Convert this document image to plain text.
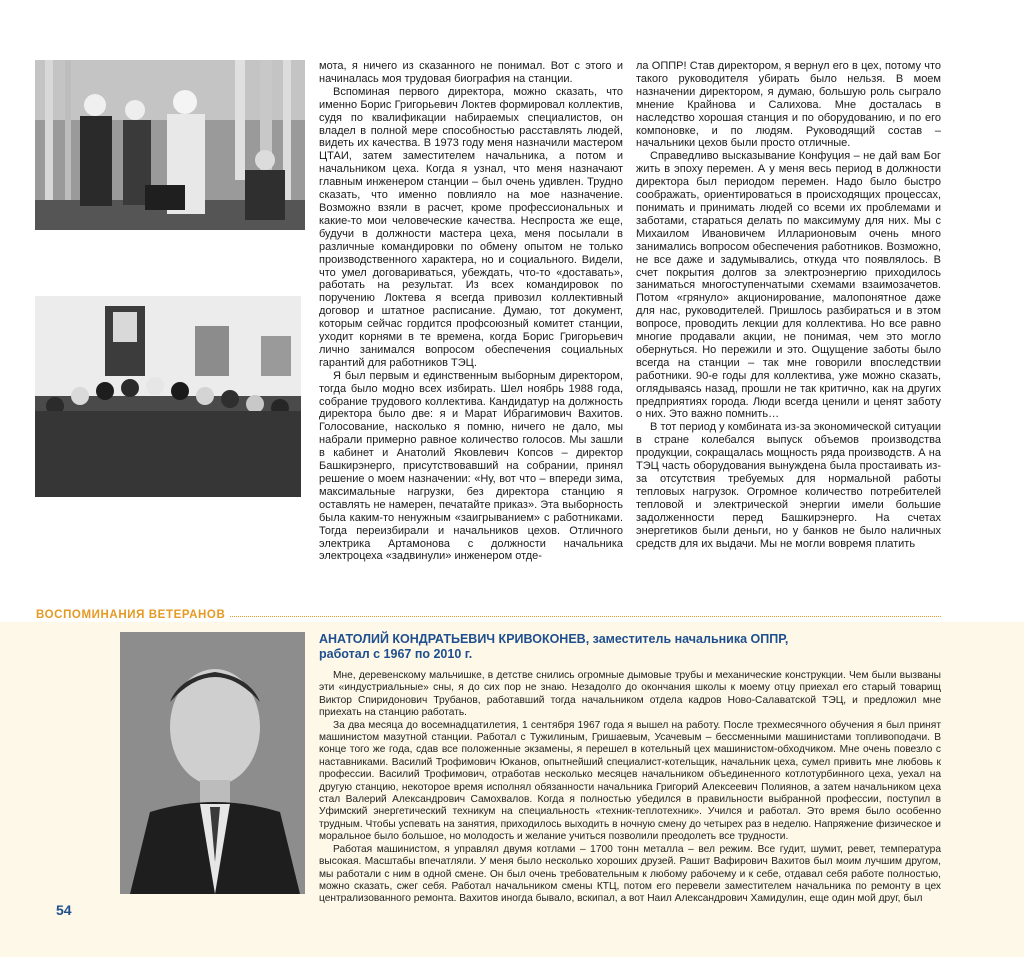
мота, я ничего из сказанного не понимал. Вот с этого и начиналась моя трудовая биография на станции.

Вспоминая первого директора, можно сказать, что именно Борис Григорьевич Локтев формировал коллектив, судя по квалификации набираемых специалистов, он владел в полной мере способностью расставлять людей, видеть их качества. В 1973 году меня назначили мастером ЦТАИ, затем заместителем начальника, а потом и начальником цеха. Когда я узнал, что меня назначают главным инженером станции – был очень удивлен. Трудно сказать, что именно повлияло на мое назначение. Возможно взяли в расчет, кроме профессиональных и какие-то мои человеческие качества. Неспроста же еще, будучи в должности мастера цеха, меня посылали в различные командировки по обмену опытом не только производственного характера, но и социального. Видели, что умел договариваться, убеждать, что-то «доставать», работать на результат. Из всех командировок по поручению Локтева я всегда привозил коллективный договор и штатное расписание. Думаю, тот документ, которым сейчас гордится профсоюзный комитет станции, уходит корнями в те времена, когда Борис Григорьевич лично занимался вопросом обеспечения социальных гарантий для работников ТЭЦ.

Я был первым и единственным выборным директором, тогда было модно всех избирать. Шел ноябрь 1988 года, собрание трудового коллектива. Кандидатур на должность директора было две: я и Марат Ибрагимович Вахитов. Голосование, насколько я помню, ничего не дало, мы набрали примерно равное количество голосов. Мы зашли в кабинет и Анатолий Яковлевич Копсов – директор Башкирэнерго, присутствовавший на собрании, принял решение о моем назначении: «Ну, вот что – впереди зима, максимальные нагрузки, без директора станцию я оставлять не намерен, печатайте приказ». Эта выборность была каким-то ненужным «заигрыванием» с работниками. Тогда переизбирали и начальников цехов. Отличного электрика Артамонова с должности начальника электроцеха «задвинули» инженером отде-

ла ОППР! Став директором, я вернул его в цех, потому что такого руководителя убирать было нельзя. В моем назначении директором, я думаю, большую роль сыграло мнение Крайнова и Салихова. Мне досталась в наследство хорошая станция и по оборудованию, и по его компоновке, и по людям. Руководящий состав – начальники цехов были просто отличные.

Справедливо высказывание Конфуция – не дай вам Бог жить в эпоху перемен. А у меня весь период в должности директора был периодом перемен. Надо было быстро соображать, ориентироваться в происходящих процессах, понимать и принимать людей со всеми их проблемами и заботами, стараться делать по максимуму для них. Мы с Михаилом Ивановичем Илларионовым очень много занимались вопросом обеспечения работников. Возможно, не все даже и задумывались, откуда что появлялось. В счет покрытия долгов за электроэнергию приходилось заниматься многоступенчатыми схемами взаимозачетов. Потом «грянуло» акционирование, малопонятное даже для нас, руководителей. Пришлось разбираться и в этом вопросе, проводить лекции для коллектива. Но все равно многие продавали акции, не понимая, чем это могло обернуться. Но пережили и это. Ощущение заботы было всегда на станции – так мне говорили впоследствии работники. 90-е годы для коллектива, уже можно сказать, оглядываясь назад, прошли не так критично, как на других предприятиях города. Люди всегда ценили и ценят заботу о них. Это важно помнить…

В тот период у комбината из-за экономической ситуации в стране колебался выпуск объемов производства продукции, сокращалась мощность ряда производств. А на ТЭЦ часть оборудования вынуждена была простаивать из-за отсутствия требуемых для нормальной работы тепловых нагрузок. Огромное количество потребителей тепловой и электрической энергии имели большие задолженности перед Башкирэнерго. На счетах энергетиков были деньги, но у банков не было наличных средств для их выдачи. Мы не могли вовремя платить

ВОСПОМИНАНИЯ ВЕТЕРАНОВ
АНАТОЛИЙ КОНДРАТЬЕВИЧ КРИВОКОНЕВ, заместитель начальника ОППР,
работал с 1967 по 2010 г.

Мне, деревенскому мальчишке, в детстве снились огромные дымовые трубы и механические конструкции. Чем были вызваны эти «индустриальные» сны, я до сих пор не знаю. Незадолго до окончания школы к моему отцу приехал его старый товарищ Виктор Спиридонович Трубанов, работавший тогда начальником отдела кадров Ново-Салаватской ТЭЦ, и предложил мне приехать на станцию работать.

За два месяца до восемнадцатилетия, 1 сентября 1967 года я вышел на работу. После трехмесячного обучения я был принят машинистом мазутной станции. Работал с Тужилиным, Гришаевым, Усачевым – бессменными машинистами топливоподачи. В конце того же года, сдав все положенные экзамены, я перешел в котельный цех машинистом-обходчиком. Мне очень повезло с наставниками. Василий Трофимович Юканов, опытнейший специалист-котельщик, начальник цеха, сумел привить мне любовь к профессии. Василий Трофимович, отработав несколько месяцев начальником объединенного котлотурбинного цеха, уехал на другую станцию, некоторое время исполнял обязанности начальника Григорий Алексеевич Полиянов, а затем начальником цеха стал Валерий Александрович Самохвалов. Когда я полностью убедился в правильности выбранной профессии, поступил в Уфимский энергетический техникум на специальность «техник-теплотехник». Учился и работал. Это время было особенно трудным. Чтобы успевать на занятия, приходилось выходить в ночную смену до четырех раз в неделю. Напряжение физическое и моральное было большое, но молодость и желание учиться позволили преодолеть все трудности.

Работая машинистом, я управлял двумя котлами – 1700 тонн металла – вел режим. Все гудит, шумит, ревет, температура высокая. Масштабы впечатляли. У меня было несколько хороших друзей. Рашит Вафирович Вахитов был моим лучшим другом, мы работали с ним в одной смене. Он был очень требовательным к любому рабочему и к себе, отдавал себя работе полностью, можно сказать, сжег себя. Работал начальником смены КТЦ, потом его перевели заместителем начальника по ремонту в цех централизованного ремонта. Вахитов иногда бывало, вскипал, а вот Наил Александрович Хамидулин, еще один мой друг, был

54
